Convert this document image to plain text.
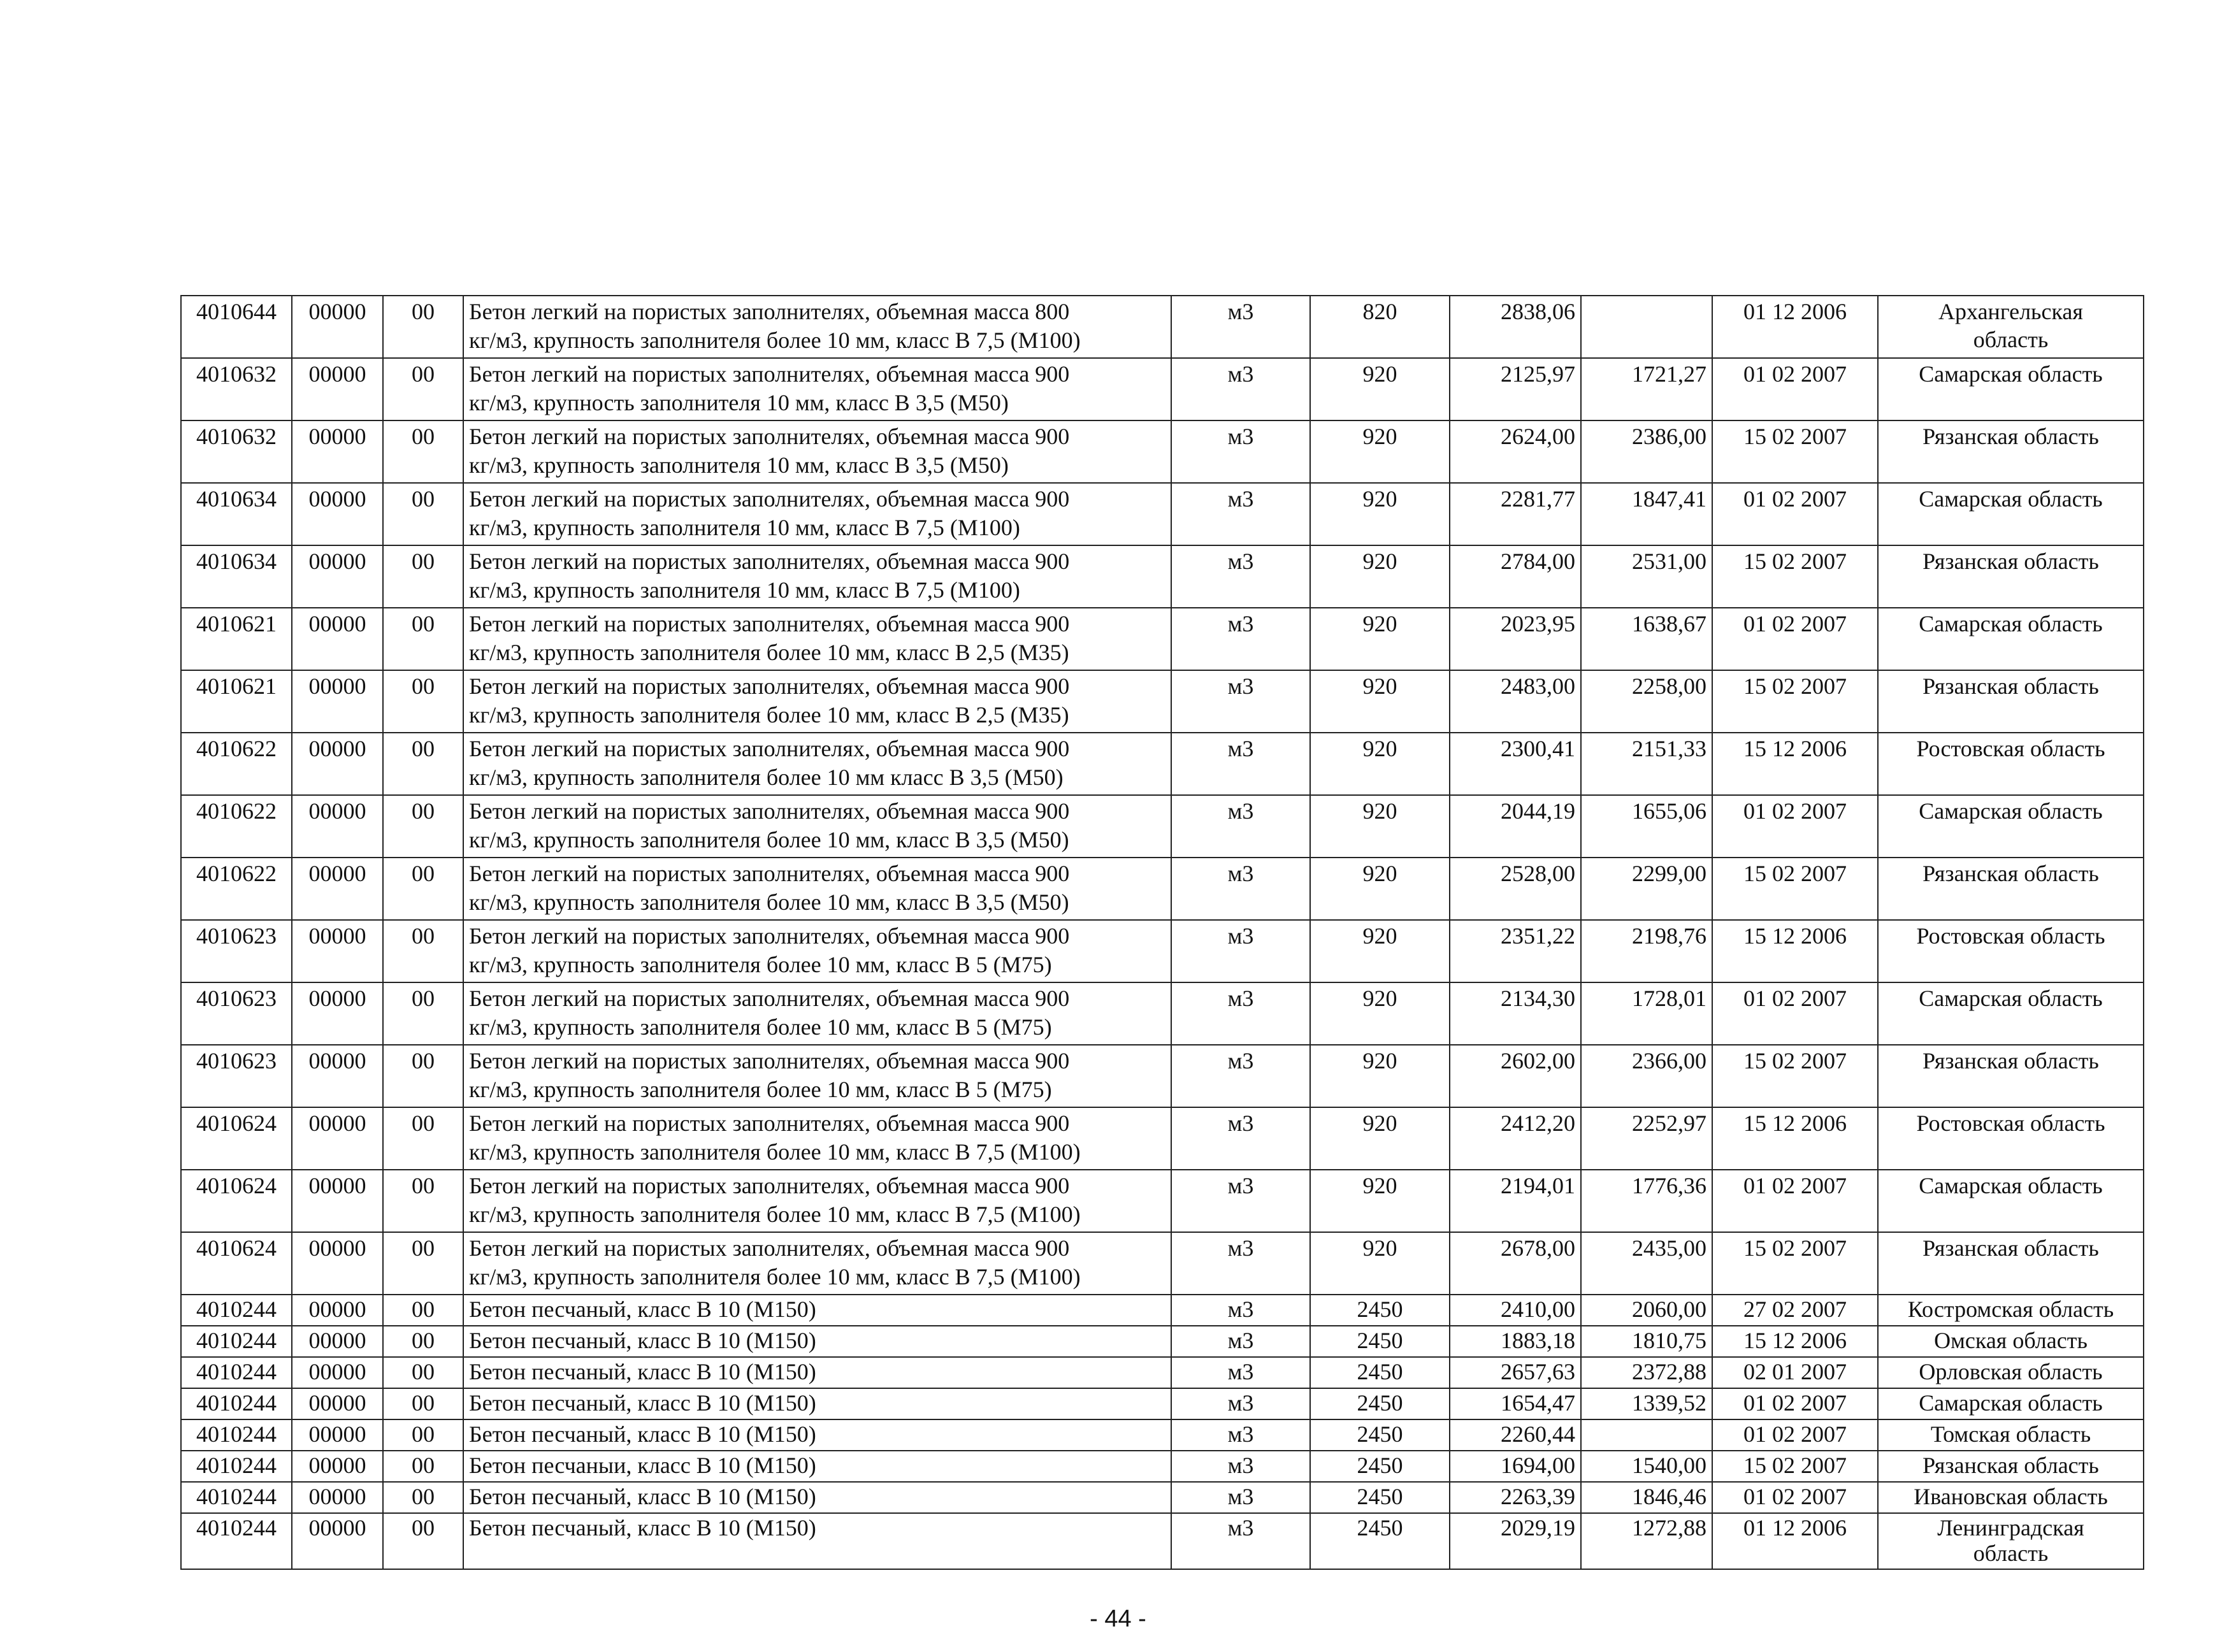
4010644	00000	00	Бетон легкий на пористых заполнителях, объемная масса 800
кг/м3, крупность заполнителя более 10 мм, класс В 7,5 (М100)	м3	820	2838,06		01 12 2006	Архангельская
область
4010632	00000	00	Бетон легкий на пористых заполнителях, объемная масса 900
кг/м3, крупность заполнителя 10 мм, класс В 3,5 (М50)	м3	920	2125,97	1721,27	01 02 2007	Самарская область
4010632	00000	00	Бетон легкий на пористых заполнителях, объемная масса 900
кг/м3, крупность заполнителя 10 мм, класс В 3,5 (М50)	м3	920	2624,00	2386,00	15 02 2007	Рязанская область
4010634	00000	00	Бетон легкий на пористых заполнителях, объемная масса 900
кг/м3, крупность заполнителя 10 мм, класс В 7,5 (М100)	м3	920	2281,77	1847,41	01 02 2007	Самарская область
4010634	00000	00	Бетон легкий на пористых заполнителях, объемная масса 900
кг/м3, крупность заполнителя 10 мм, класс В 7,5 (М100)	м3	920	2784,00	2531,00	15 02 2007	Рязанская область
4010621	00000	00	Бетон легкий на пористых заполнителях, объемная масса 900
кг/м3, крупность заполнителя более 10 мм, класс В 2,5 (М35)	м3	920	2023,95	1638,67	01 02 2007	Самарская область
4010621	00000	00	Бетон легкий на пористых заполнителях, объемная масса 900
кг/м3, крупность заполнителя более 10 мм, класс В 2,5 (М35)	м3	920	2483,00	2258,00	15 02 2007	Рязанская область
4010622	00000	00	Бетон легкий на пористых заполнителях, объемная масса 900
кг/м3, крупность заполнителя более 10 мм класс В 3,5 (М50)	м3	920	2300,41	2151,33	15 12 2006	Ростовская область
4010622	00000	00	Бетон легкий на пористых заполнителях, объемная масса 900
кг/м3, крупность заполнителя более 10 мм, класс В 3,5 (М50)	м3	920	2044,19	1655,06	01 02 2007	Самарская область
4010622	00000	00	Бетон легкий на пористых заполнителях, объемная масса 900
кг/м3, крупность заполнителя более 10 мм, класс В 3,5 (М50)	м3	920	2528,00	2299,00	15 02 2007	Рязанская область
4010623	00000	00	Бетон легкий на пористых заполнителях, объемная масса 900
кг/м3, крупность заполнителя более 10 мм, класс В 5 (М75)	м3	920	2351,22	2198,76	15 12 2006	Ростовская область
4010623	00000	00	Бетон легкий на пористых заполнителях, объемная масса 900
кг/м3, крупность заполнителя более 10 мм, класс В 5 (М75)	м3	920	2134,30	1728,01	01 02 2007	Самарская область
4010623	00000	00	Бетон легкий на пористых заполнителях, объемная масса 900
кг/м3, крупность заполнителя более 10 мм, класс В 5 (М75)	м3	920	2602,00	2366,00	15 02 2007	Рязанская область
4010624	00000	00	Бетон легкий на пористых заполнителях, объемная масса 900
кг/м3, крупность заполнителя более 10 мм, класс В 7,5 (М100)	м3	920	2412,20	2252,97	15 12 2006	Ростовская область
4010624	00000	00	Бетон легкий на пористых заполнителях, объемная масса 900
кг/м3, крупность заполнителя более 10 мм, класс В 7,5 (М100)	м3	920	2194,01	1776,36	01 02 2007	Самарская область
4010624	00000	00	Бетон легкий на пористых заполнителях, объемная масса 900
кг/м3, крупность заполнителя более 10 мм, класс В 7,5 (М100)	м3	920	2678,00	2435,00	15 02 2007	Рязанская область
4010244	00000	00	Бетон песчаный, класс В 10 (М150)	м3	2450	2410,00	2060,00	27 02 2007	Костромская область
4010244	00000	00	Бетон песчаный, класс В 10 (М150)	м3	2450	1883,18	1810,75	15 12 2006	Омская область
4010244	00000	00	Бетон песчаный, класс В 10 (М150)	м3	2450	2657,63	2372,88	02 01 2007	Орловская область
4010244	00000	00	Бетон песчаный, класс В 10 (М150)	м3	2450	1654,47	1339,52	01 02 2007	Самарская область
4010244	00000	00	Бетон песчаный, класс В 10 (М150)	м3	2450	2260,44		01 02 2007	Томская область
4010244	00000	00	Бетон песчаныи, класс В 10 (М150)	м3	2450	1694,00	1540,00	15 02 2007	Рязанская область
4010244	00000	00	Бетон песчаный, класс В 10 (М150)	м3	2450	2263,39	1846,46	01 02 2007	Ивановская область
4010244	00000	00	Бетон песчаный, класс В 10 (М150)	м3	2450	2029,19	1272,88	01 12 2006	Ленинградская
область
- 44 -
